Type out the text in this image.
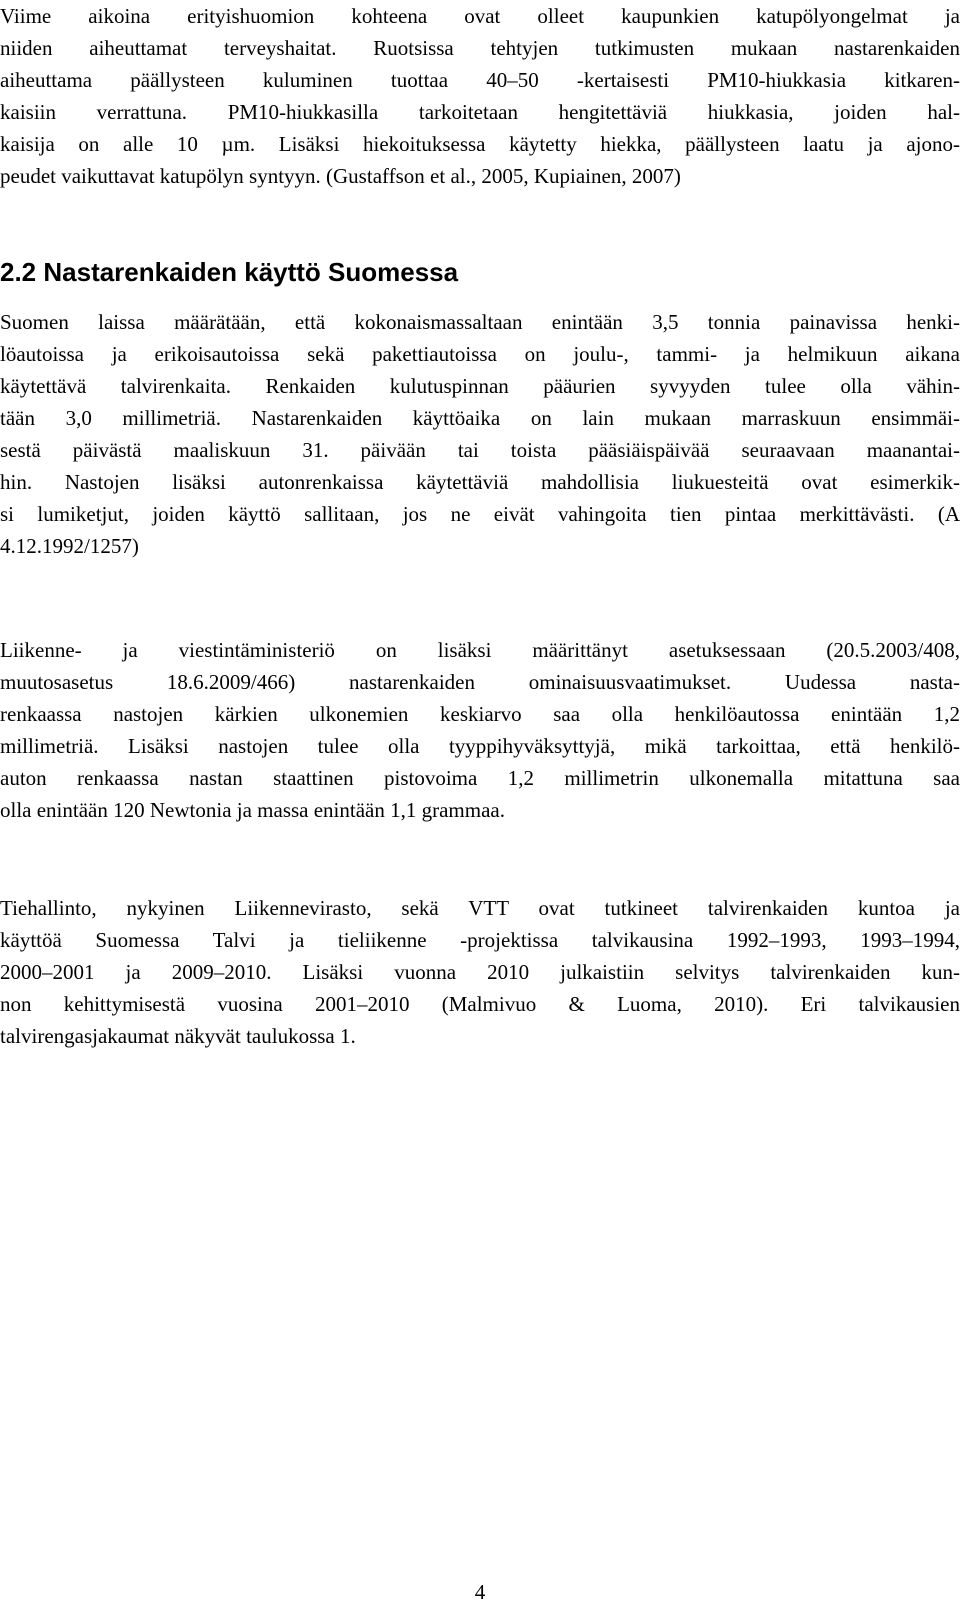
Viime aikoina erityishuomion kohteena ovat olleet kaupunkien katupölyongelmat ja
niiden aiheuttamat terveyshaitat. Ruotsissa tehtyjen tutkimusten mukaan nastarenkaiden
aiheuttama päällysteen kuluminen tuottaa 40–50 -kertaisesti PM10-hiukkasia kitkaren-
kaisiin verrattuna. PM10-hiukkasilla tarkoitetaan hengitettäviä hiukkasia, joiden hal-
kaisija on alle 10 µm. Lisäksi hiekoituksessa käytetty hiekka, päällysteen laatu ja ajono-
peudet vaikuttavat katupölyn syntyyn. (Gustaffson et al., 2005, Kupiainen, 2007)
2.2 Nastarenkaiden käyttö Suomessa
Suomen laissa määrätään, että kokonaismassaltaan enintään 3,5 tonnia painavissa henki-
löautoissa ja erikoisautoissa sekä pakettiautoissa on joulu-, tammi- ja helmikuun aikana
käytettävä talvirenkaita. Renkaiden kulutuspinnan pääurien syvyyden tulee olla vähin-
tään 3,0 millimetriä. Nastarenkaiden käyttöaika on lain mukaan marraskuun ensimmäi-
sestä päivästä maaliskuun 31. päivään tai toista pääsiäispäivää seuraavaan maanantai-
hin. Nastojen lisäksi autonrenkaissa käytettäviä mahdollisia liukuesteitä ovat esimerkik-
si lumiketjut, joiden käyttö sallitaan, jos ne eivät vahingoita tien pintaa merkittävästi. (A
4.12.1992/1257)
Liikenne- ja viestintäministeriö on lisäksi määrittänyt asetuksessaan (20.5.2003/408,
muutosasetus 18.6.2009/466) nastarenkaiden ominaisuusvaatimukset. Uudessa nasta-
renkaassa nastojen kärkien ulkonemien keskiarvo saa olla henkilöautossa enintään 1,2
millimetriä. Lisäksi nastojen tulee olla tyyppihyväksyttyjä, mikä tarkoittaa, että henkilö-
auton renkaassa nastan staattinen pistovoima 1,2 millimetrin ulkonemalla mitattuna saa
olla enintään 120 Newtonia ja massa enintään 1,1 grammaa.
Tiehallinto, nykyinen Liikennevirasto, sekä VTT ovat tutkineet talvirenkaiden kuntoa ja
käyttöä Suomessa Talvi ja tieliikenne -projektissa talvikausina 1992–1993, 1993–1994,
2000–2001 ja 2009–2010. Lisäksi vuonna 2010 julkaistiin selvitys talvirenkaiden kun-
non kehittymisestä vuosina 2001–2010 (Malmivuo & Luoma, 2010). Eri talvikausien
talvirengasjakaumat näkyvät taulukossa 1.
4
